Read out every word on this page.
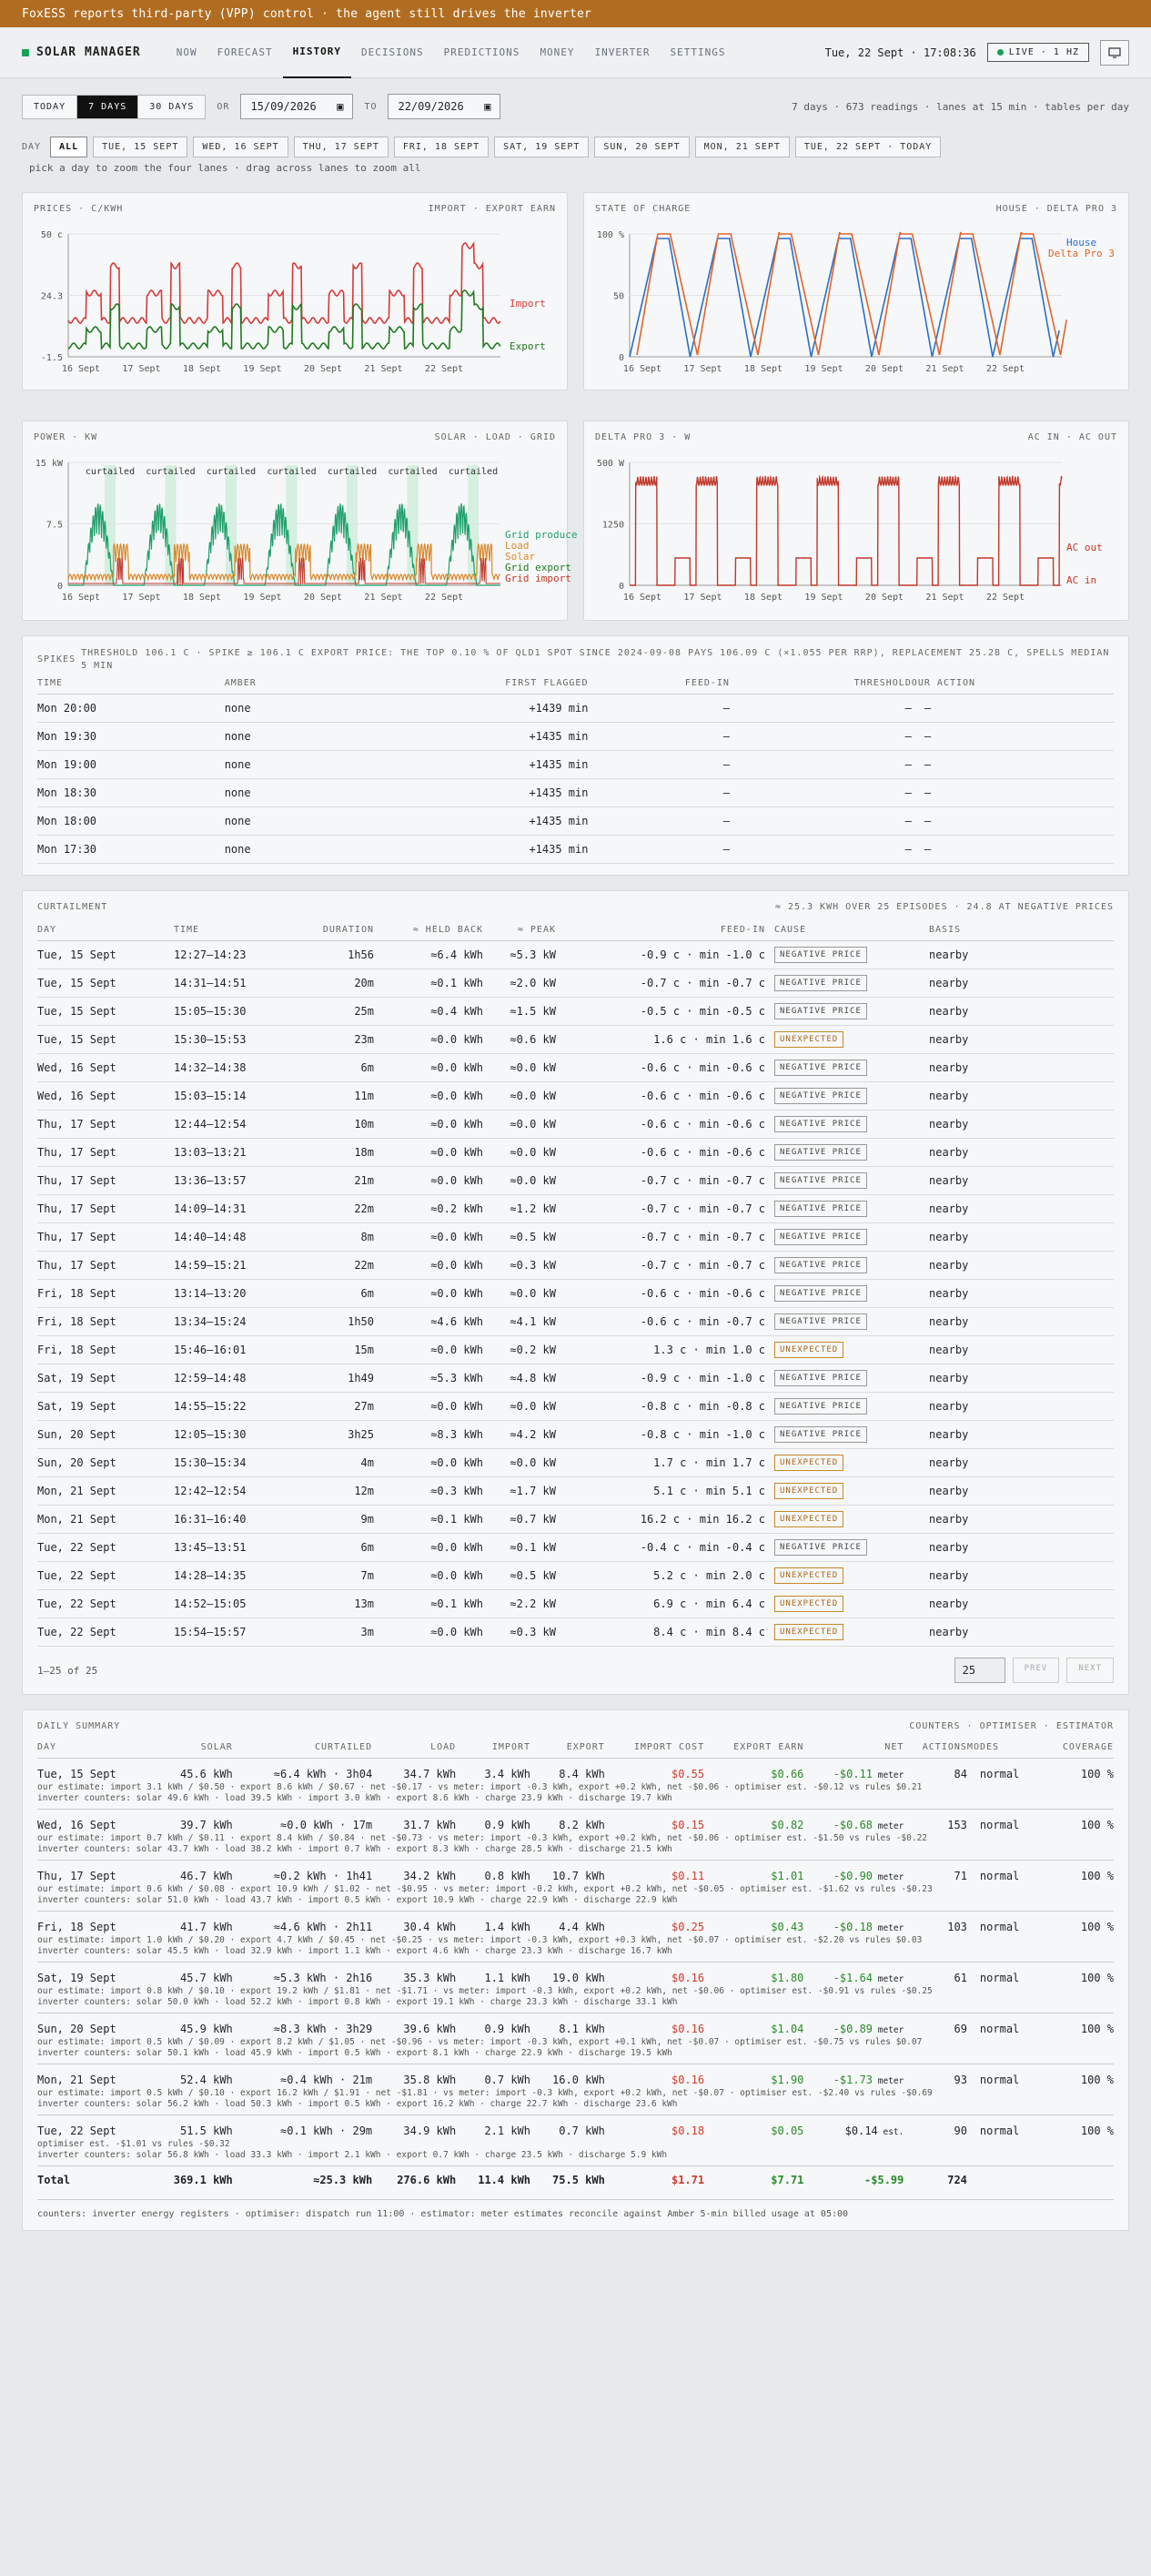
FoxESS reports third-party (VPP) control · the agent still drives the inverter
SOLAR MANAGER	NOW	FORECAST	HISTORY	DECISIONS	PREDICTIONS	MONEY	INVERTER	SETTINGS	Tue, 22 Sept · 17:08:36	LIVE · 1 HZ
TODAY	7 DAYS	30 DAYS	OR 15/09/2026 ▣ TO 22/09/2026 ▣	7 days · 673 readings · lanes at 15 min · tables per day
DAY	ALL	TUE, 15 SEPT	WED, 16 SEPT	THU, 17 SEPT	FRI, 18 SEPT	SAT, 19 SEPT	SUN, 20 SEPT	MON, 21 SEPT	TUE, 22 SEPT · TODAY
pick a day to zoom the four lanes · drag across lanes to zoom all
PRICES · C/KWH	IMPORT · EXPORT EARN
50 c
24.3
-1.5
16 Sept 17 Sept 18 Sept 19 Sept 20 Sept 21 Sept 22 Sept
Import
Export
STATE OF CHARGE	HOUSE · DELTA PRO 3
100 %
50
0
16 Sept 17 Sept 18 Sept 19 Sept 20 Sept 21 Sept 22 Sept
House
Delta Pro 3
POWER · KW	SOLAR · LOAD · GRID
curtailed curtailed curtailed curtailed curtailed curtailed curtailed
15 kW
7.5
0
16 Sept 17 Sept 18 Sept 19 Sept 20 Sept 21 Sept 22 Sept
Grid produce
Load
Solar
Grid export
Grid import
DELTA PRO 3 · W	AC IN · AC OUT
500 W
1250
0
16 Sept 17 Sept 18 Sept 19 Sept 20 Sept 21 Sept 22 Sept
AC out
AC in
SPIKES
THRESHOLD 106.1 C · SPIKE ≥ 106.1 C EXPORT PRICE: THE TOP 0.10 % OF QLD1 SPOT SINCE 2024-09-08 PAYS 106.09 C (×1.055 PER RRP), REPLACEMENT 25.28 C, SPELLS MEDIAN 5 MIN
TIME	AMBER	FIRST FLAGGED	FEED-IN	THRESHOLD	OUR ACTION
Mon 20:00	none	+1439 min	–	–	–
Mon 19:30	none	+1435 min	–	–	–
Mon 19:00	none	+1435 min	–	–	–
Mon 18:30	none	+1435 min	–	–	–
Mon 18:00	none	+1435 min	–	–	–
Mon 17:30	none	+1435 min	–	–	–
CURTAILMENT	≈ 25.3 KWH OVER 25 EPISODES · 24.8 AT NEGATIVE PRICES
DAY	TIME	DURATION	≈ HELD BACK	≈ PEAK	FEED-IN	CAUSE	BASIS
Tue, 15 Sept	12:27–14:23	1h56	≈6.4 kWh	≈5.3 kW	-0.9 c · min -1.0 c	NEGATIVE PRICE	nearby
Tue, 15 Sept	14:31–14:51	20m	≈0.1 kWh	≈2.0 kW	-0.7 c · min -0.7 c	NEGATIVE PRICE	nearby
Tue, 15 Sept	15:05–15:30	25m	≈0.4 kWh	≈1.5 kW	-0.5 c · min -0.5 c	NEGATIVE PRICE	nearby
Tue, 15 Sept	15:30–15:53	23m	≈0.0 kWh	≈0.6 kW	1.6 c · min 1.6 c	UNEXPECTED	nearby
Wed, 16 Sept	14:32–14:38	6m	≈0.0 kWh	≈0.0 kW	-0.6 c · min -0.6 c	NEGATIVE PRICE	nearby
Wed, 16 Sept	15:03–15:14	11m	≈0.0 kWh	≈0.0 kW	-0.6 c · min -0.6 c	NEGATIVE PRICE	nearby
Thu, 17 Sept	12:44–12:54	10m	≈0.0 kWh	≈0.0 kW	-0.6 c · min -0.6 c	NEGATIVE PRICE	nearby
Thu, 17 Sept	13:03–13:21	18m	≈0.0 kWh	≈0.0 kW	-0.6 c · min -0.6 c	NEGATIVE PRICE	nearby
Thu, 17 Sept	13:36–13:57	21m	≈0.0 kWh	≈0.0 kW	-0.7 c · min -0.7 c	NEGATIVE PRICE	nearby
Thu, 17 Sept	14:09–14:31	22m	≈0.2 kWh	≈1.2 kW	-0.7 c · min -0.7 c	NEGATIVE PRICE	nearby
Thu, 17 Sept	14:40–14:48	8m	≈0.0 kWh	≈0.5 kW	-0.7 c · min -0.7 c	NEGATIVE PRICE	nearby
Thu, 17 Sept	14:59–15:21	22m	≈0.0 kWh	≈0.3 kW	-0.7 c · min -0.7 c	NEGATIVE PRICE	nearby
Fri, 18 Sept	13:14–13:20	6m	≈0.0 kWh	≈0.0 kW	-0.6 c · min -0.6 c	NEGATIVE PRICE	nearby
Fri, 18 Sept	13:34–15:24	1h50	≈4.6 kWh	≈4.1 kW	-0.6 c · min -0.7 c	NEGATIVE PRICE	nearby
Fri, 18 Sept	15:46–16:01	15m	≈0.0 kWh	≈0.2 kW	1.3 c · min 1.0 c	UNEXPECTED	nearby
Sat, 19 Sept	12:59–14:48	1h49	≈5.3 kWh	≈4.8 kW	-0.9 c · min -1.0 c	NEGATIVE PRICE	nearby
Sat, 19 Sept	14:55–15:22	27m	≈0.0 kWh	≈0.0 kW	-0.8 c · min -0.8 c	NEGATIVE PRICE	nearby
Sun, 20 Sept	12:05–15:30	3h25	≈8.3 kWh	≈4.2 kW	-0.8 c · min -1.0 c	NEGATIVE PRICE	nearby
Sun, 20 Sept	15:30–15:34	4m	≈0.0 kWh	≈0.0 kW	1.7 c · min 1.7 c	UNEXPECTED	nearby
Mon, 21 Sept	12:42–12:54	12m	≈0.3 kWh	≈1.7 kW	5.1 c · min 5.1 c	UNEXPECTED	nearby
Mon, 21 Sept	16:31–16:40	9m	≈0.1 kWh	≈0.7 kW	16.2 c · min 16.2 c	UNEXPECTED	nearby
Tue, 22 Sept	13:45–13:51	6m	≈0.0 kWh	≈0.1 kW	-0.4 c · min -0.4 c	NEGATIVE PRICE	nearby
Tue, 22 Sept	14:28–14:35	7m	≈0.0 kWh	≈0.5 kW	5.2 c · min 2.0 c	UNEXPECTED	nearby
Tue, 22 Sept	14:52–15:05	13m	≈0.1 kWh	≈2.2 kW	6.9 c · min 6.4 c	UNEXPECTED	nearby
Tue, 22 Sept	15:54–15:57	3m	≈0.0 kWh	≈0.3 kW	8.4 c · min 8.4 c	UNEXPECTED	nearby
1–25 of 25	25	PREV	NEXT
DAILY SUMMARY	COUNTERS · OPTIMISER · ESTIMATOR
DAY	SOLAR	CURTAILED	LOAD	IMPORT	EXPORT	IMPORT COST	EXPORT EARN	NET	ACTIONS	MODES	COVERAGE
Tue, 15 Sept	45.6 kWh	≈6.4 kWh · 3h04	34.7 kWh	3.4 kWh	8.4 kWh	$0.55	$0.66	-$0.11 meter	84	normal	100 %
our estimate: import 3.1 kWh / $0.50 · export 8.6 kWh / $0.67 · net -$0.17 · vs meter: import -0.3 kWh, export +0.2 kWh, net -$0.06 · optimiser est. -$0.12 vs rules $0.21											
inverter counters: solar 49.6 kWh · load 39.5 kWh · import 3.0 kWh · export 8.6 kWh · charge 23.9 kWh · discharge 19.7 kWh											
Wed, 16 Sept	39.7 kWh	≈0.0 kWh · 17m	31.7 kWh	0.9 kWh	8.2 kWh	$0.15	$0.82	-$0.68 meter	153	normal	100 %
our estimate: import 0.7 kWh / $0.11 · export 8.4 kWh / $0.84 · net -$0.73 · vs meter: import -0.3 kWh, export +0.2 kWh, net -$0.06 · optimiser est. -$1.50 vs rules -$0.22											
inverter counters: solar 43.7 kWh · load 38.2 kWh · import 0.7 kWh · export 8.3 kWh · charge 28.5 kWh · discharge 21.5 kWh											
Thu, 17 Sept	46.7 kWh	≈0.2 kWh · 1h41	34.2 kWh	0.8 kWh	10.7 kWh	$0.11	$1.01	-$0.90 meter	71	normal	100 %
our estimate: import 0.6 kWh / $0.08 · export 10.9 kWh / $1.02 · net -$0.95 · vs meter: import -0.2 kWh, export +0.2 kWh, net -$0.05 · optimiser est. -$1.62 vs rules -$0.23											
inverter counters: solar 51.0 kWh · load 43.7 kWh · import 0.5 kWh · export 10.9 kWh · charge 22.9 kWh · discharge 22.9 kWh											
Fri, 18 Sept	41.7 kWh	≈4.6 kWh · 2h11	30.4 kWh	1.4 kWh	4.4 kWh	$0.25	$0.43	-$0.18 meter	103	normal	100 %
our estimate: import 1.0 kWh / $0.20 · export 4.7 kWh / $0.45 · net -$0.25 · vs meter: import -0.3 kWh, export +0.3 kWh, net -$0.07 · optimiser est. -$2.20 vs rules $0.03											
inverter counters: solar 45.5 kWh · load 32.9 kWh · import 1.1 kWh · export 4.6 kWh · charge 23.3 kWh · discharge 16.7 kWh											
Sat, 19 Sept	45.7 kWh	≈5.3 kWh · 2h16	35.3 kWh	1.1 kWh	19.0 kWh	$0.16	$1.80	-$1.64 meter	61	normal	100 %
our estimate: import 0.8 kWh / $0.10 · export 19.2 kWh / $1.81 · net -$1.71 · vs meter: import -0.3 kWh, export +0.2 kWh, net -$0.06 · optimiser est. -$0.91 vs rules -$0.25											
inverter counters: solar 50.0 kWh · load 52.2 kWh · import 0.8 kWh · export 19.1 kWh · charge 23.3 kWh · discharge 33.1 kWh											
Sun, 20 Sept	45.9 kWh	≈8.3 kWh · 3h29	39.6 kWh	0.9 kWh	8.1 kWh	$0.16	$1.04	-$0.89 meter	69	normal	100 %
our estimate: import 0.5 kWh / $0.09 · export 8.2 kWh / $1.05 · net -$0.96 · vs meter: import -0.3 kWh, export +0.1 kWh, net -$0.07 · optimiser est. -$0.75 vs rules $0.07											
inverter counters: solar 50.1 kWh · load 45.9 kWh · import 0.5 kWh · export 8.1 kWh · charge 22.9 kWh · discharge 19.5 kWh											
Mon, 21 Sept	52.4 kWh	≈0.4 kWh · 21m	35.8 kWh	0.7 kWh	16.0 kWh	$0.16	$1.90	-$1.73 meter	93	normal	100 %
our estimate: import 0.5 kWh / $0.10 · export 16.2 kWh / $1.91 · net -$1.81 · vs meter: import -0.3 kWh, export +0.2 kWh, net -$0.07 · optimiser est. -$2.40 vs rules -$0.69											
inverter counters: solar 56.2 kWh · load 50.3 kWh · import 0.5 kWh · export 16.2 kWh · charge 22.7 kWh · discharge 23.6 kWh											
Tue, 22 Sept	51.5 kWh	≈0.1 kWh · 29m	34.9 kWh	2.1 kWh	0.7 kWh	$0.18	$0.05	$0.14 est.	90	normal	100 %
optimiser est. -$1.01 vs rules -$0.32											
inverter counters: solar 56.8 kWh · load 33.3 kWh · import 2.1 kWh · export 0.7 kWh · charge 23.5 kWh · discharge 5.9 kWh											
Total	369.1 kWh	≈25.3 kWh	276.6 kWh	11.4 kWh	75.5 kWh	$1.71	$7.71	-$5.99	724		
counters: inverter energy registers · optimiser: dispatch run 11:00 · estimator: meter estimates reconcile against Amber 5-min billed usage at 05:00
